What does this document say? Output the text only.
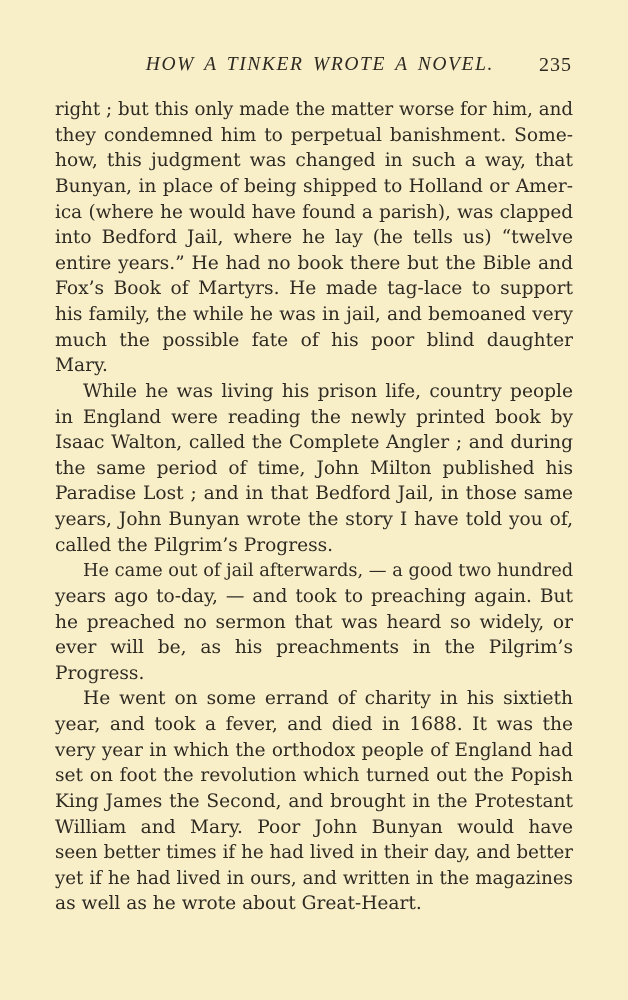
HOW A TINKER WROTE A NOVEL. 235
right ; but this only made the matter worse for him, and
they condemned him to perpetual banishment. Some-
how, this judgment was changed in such a way, that
Bunyan, in place of being shipped to Holland or Amer-
ica (where he would have found a parish), was clapped
into Bedford Jail, where he lay (he tells us) “twelve
entire years.” He had no book there but the Bible and
Fox’s Book of Martyrs. He made tag-lace to support
his family, the while he was in jail, and bemoaned very
much the possible fate of his poor blind daughter
Mary.
While he was living his prison life, country people
in England were reading the newly printed book by
Isaac Walton, called the Complete Angler ; and during
the same period of time, John Milton published his
Paradise Lost ; and in that Bedford Jail, in those same
years, John Bunyan wrote the story I have told you of,
called the Pilgrim’s Progress.
He came out of jail afterwards, — a good two hundred
years ago to-day, — and took to preaching again. But
he preached no sermon that was heard so widely, or
ever will be, as his preachments in the Pilgrim’s
Progress.
He went on some errand of charity in his sixtieth
year, and took a fever, and died in 1688. It was the
very year in which the orthodox people of England had
set on foot the revolution which turned out the Popish
King James the Second, and brought in the Protestant
William and Mary. Poor John Bunyan would have
seen better times if he had lived in their day, and better
yet if he had lived in ours, and written in the magazines
as well as he wrote about Great-Heart.
